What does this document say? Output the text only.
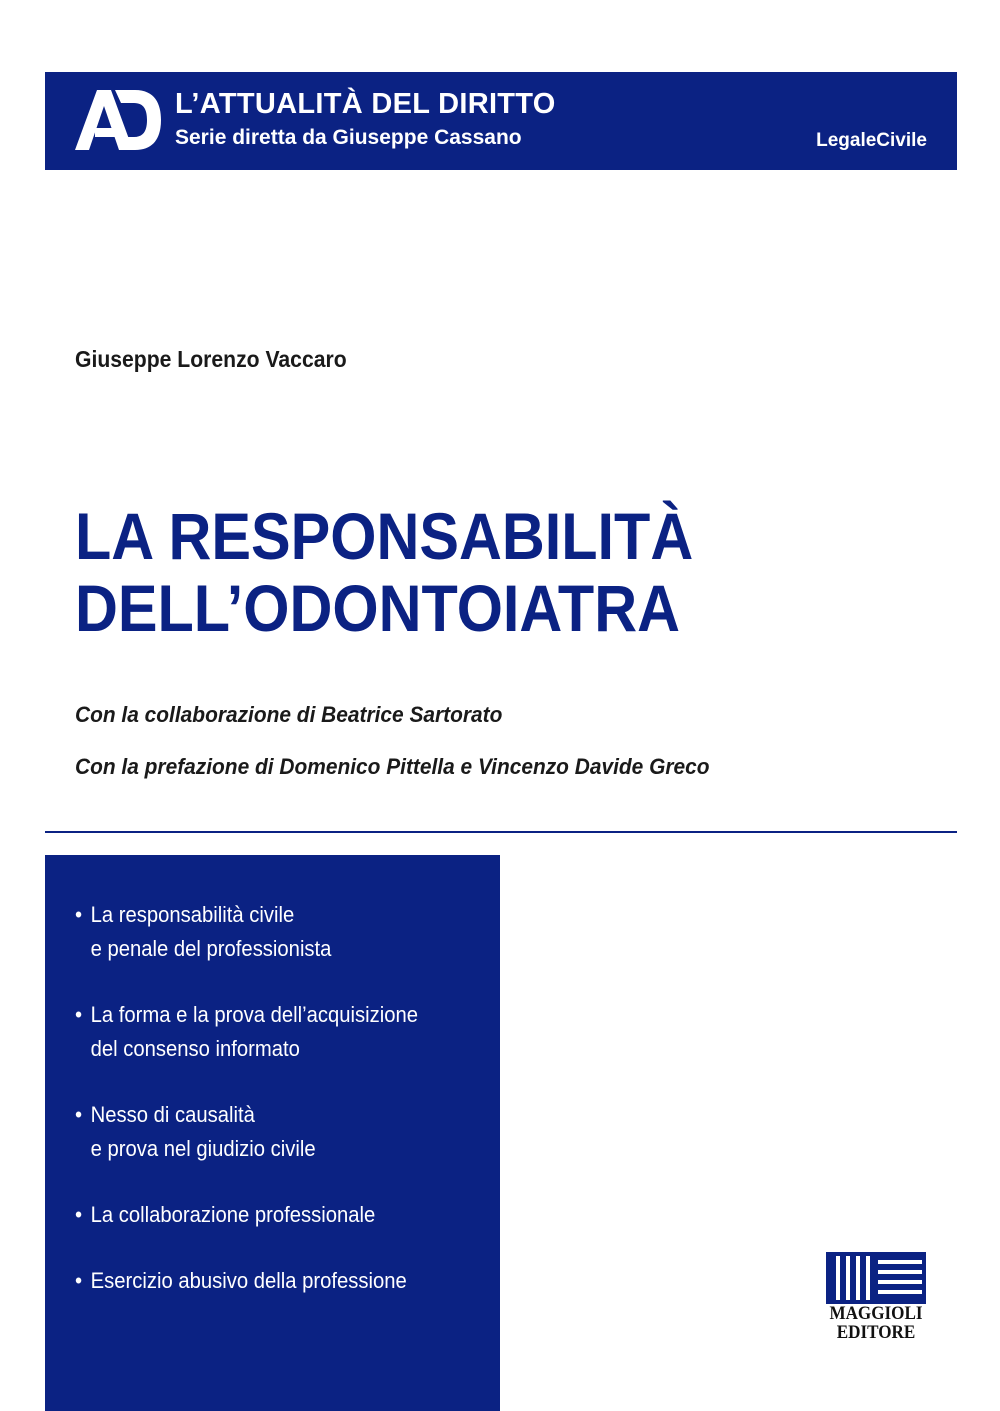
L’ATTUALITÀ DEL DIRITTO
Serie diretta da Giuseppe Cassano	LegaleCivile
Giuseppe Lorenzo Vaccaro
LA RESPONSABILITÀ
DELL’ODONTOIATRA
Con la collaborazione di Beatrice Sartorato
Con la prefazione di Domenico Pittella e Vincenzo Davide Greco
• La responsabilità civile
e penale del professionista
• La forma e la prova dell’acquisizione
del consenso informato
• Nesso di causalità
e prova nel giudizio civile
• La collaborazione professionale
• Esercizio abusivo della professione
MAGGIOLI
EDITORE
